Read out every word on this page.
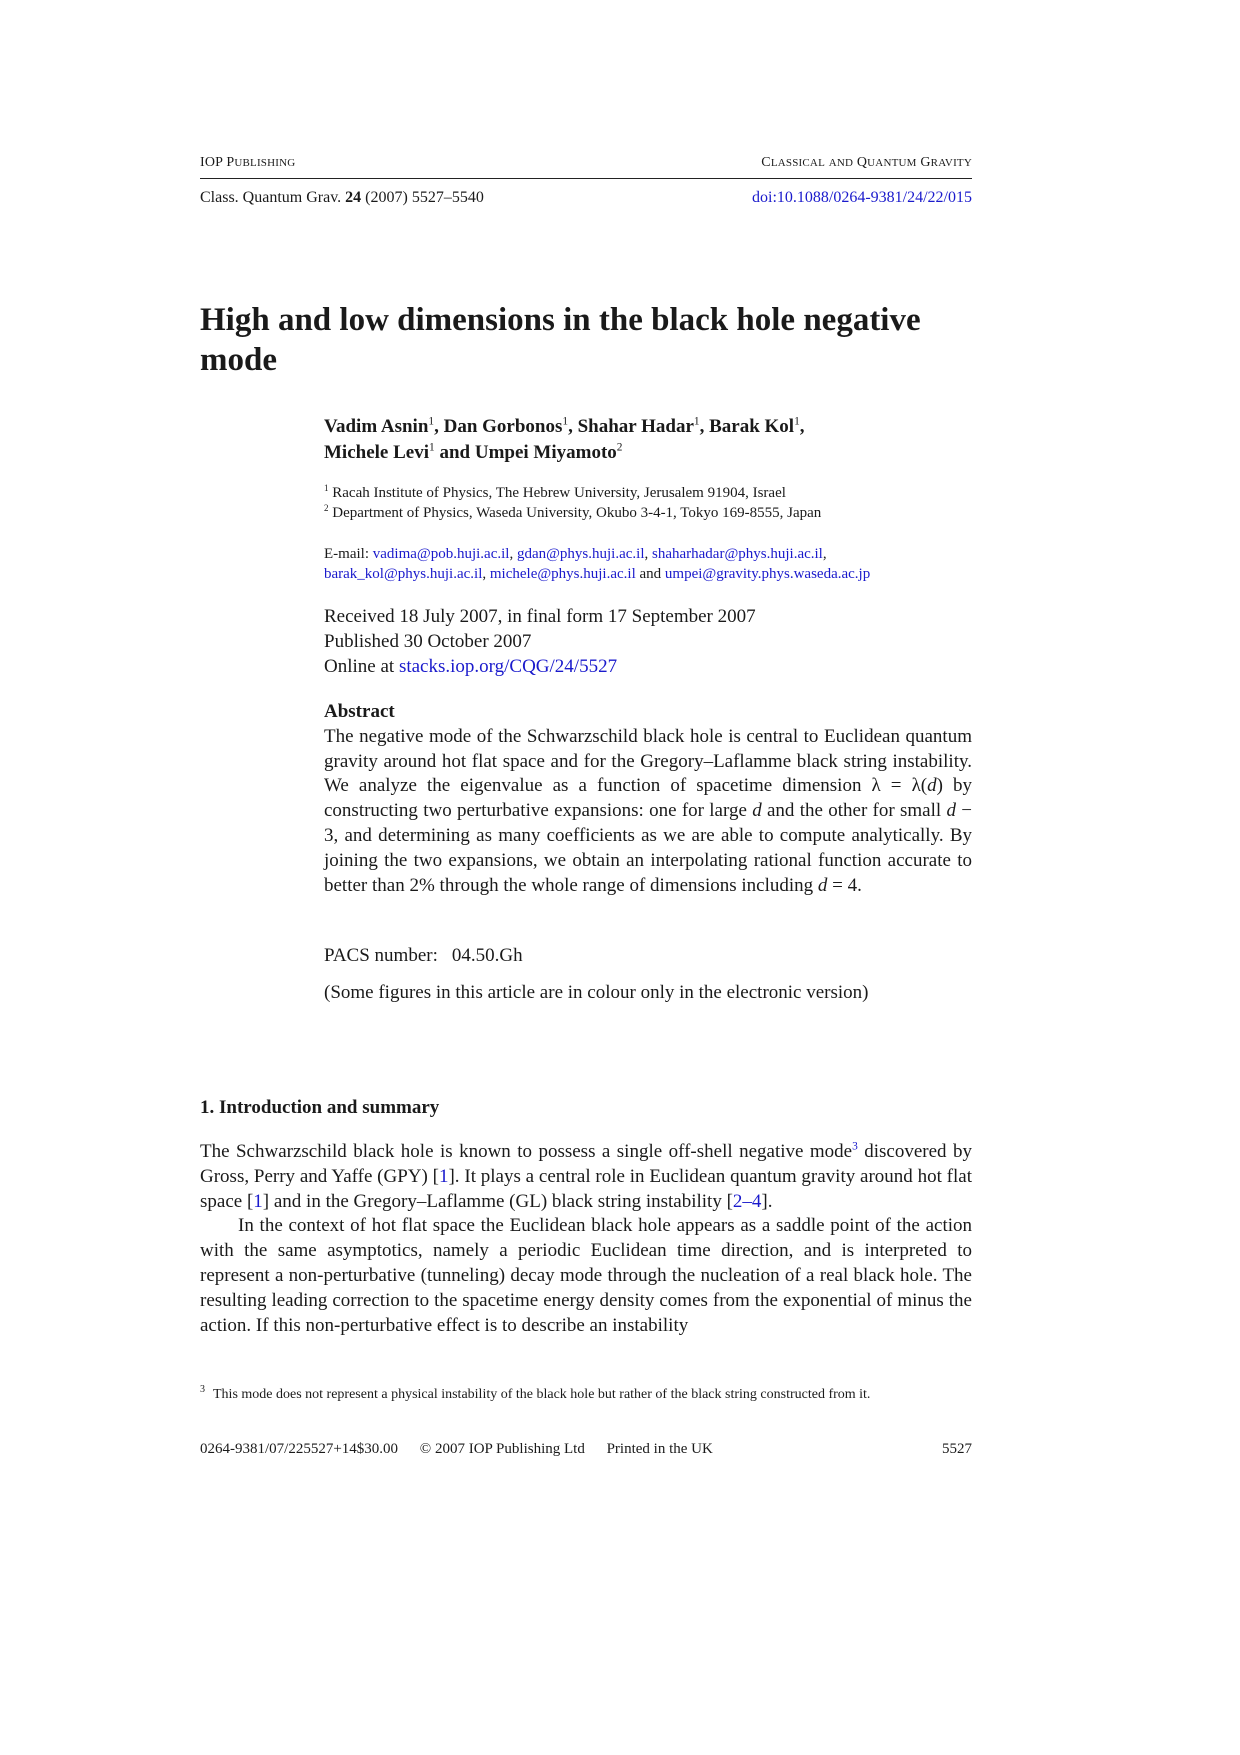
IOP PUBLISHING	CLASSICAL AND QUANTUM GRAVITY
Class. Quantum Grav. 24 (2007) 5527–5540	doi:10.1088/0264-9381/24/22/015
High and low dimensions in the black hole negative mode
Vadim Asnin$^1$, Dan Gorbonos$^1$, Shahar Hadar$^1$, Barak Kol$^1$,
Michele Levi$^1$ and Umpei Miyamoto$^2$
$^1$ Racah Institute of Physics, The Hebrew University, Jerusalem 91904, Israel
$^2$ Department of Physics, Waseda University, Okubo 3-4-1, Tokyo 169-8555, Japan
E-mail: vadima@pob.huji.ac.il, gdan@phys.huji.ac.il, shaharhadar@phys.huji.ac.il,
barak_kol@phys.huji.ac.il, michele@phys.huji.ac.il and umpei@gravity.phys.waseda.ac.jp
Received 18 July 2007, in final form 17 September 2007
Published 30 October 2007
Online at stacks.iop.org/CQG/24/5527
Abstract

The negative mode of the Schwarzschild black hole is central to Euclidean quantum gravity around hot flat space and for the Gregory–Laflamme black string instability. We analyze the eigenvalue as a function of spacetime dimension λ = λ(d) by constructing two perturbative expansions: one for large d and the other for small d − 3, and determining as many coefficients as we are able to compute analytically. By joining the two expansions, we obtain an interpolating rational function accurate to better than 2% through the whole range of dimensions including d = 4.

PACS number: 04.50.Gh
(Some figures in this article are in colour only in the electronic version)
1. Introduction and summary

The Schwarzschild black hole is known to possess a single off-shell negative mode$^3$ discovered by Gross, Perry and Yaffe (GPY) [1]. It plays a central role in Euclidean quantum gravity around hot flat space [1] and in the Gregory–Laflamme (GL) black string instability [2–4].

In the context of hot flat space the Euclidean black hole appears as a saddle point of the action with the same asymptotics, namely a periodic Euclidean time direction, and is interpreted to represent a non-perturbative (tunneling) decay mode through the nucleation of a real black hole. The resulting leading correction to the spacetime energy density comes from the exponential of minus the action. If this non-perturbative effect is to describe an instability

$^3$ This mode does not represent a physical instability of the black hole but rather of the black string constructed from it.
0264-9381/07/225527+14$30.00 © 2007 IOP Publishing Ltd Printed in the UK	5527
